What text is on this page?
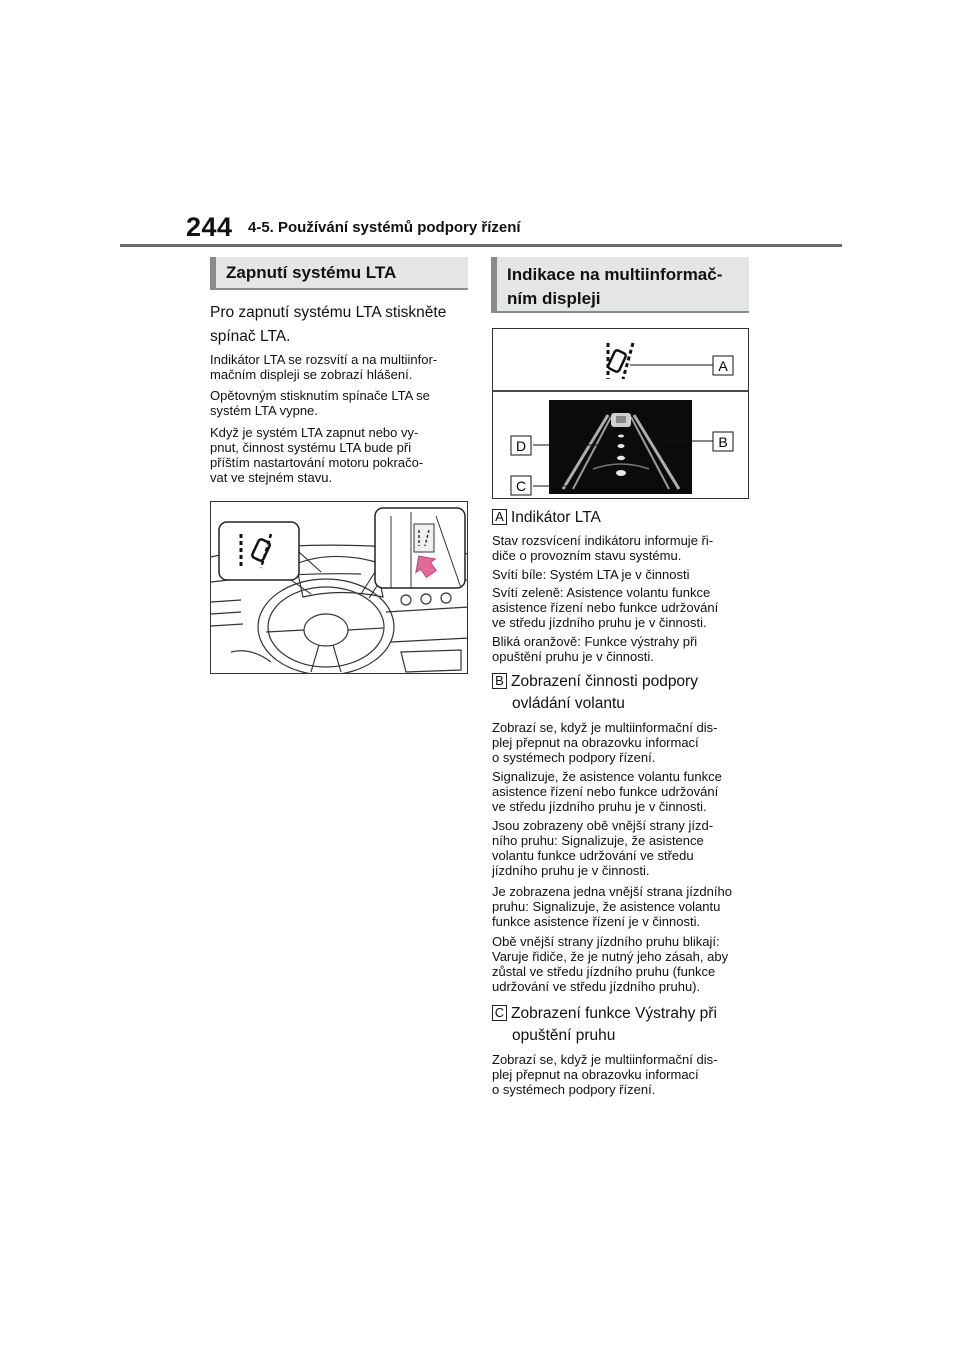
244 4-5. Používání systémů podpory řízení
Zapnutí systému LTA
Pro zapnutí systému LTA stiskněte
spínač LTA.
Indikátor LTA se rozsvítí a na multiinfor-
mačním displeji se zobrazí hlášení.
Opětovným stisknutím spínače LTA se
systém LTA vypne.
Když je systém LTA zapnut nebo vy-
pnut, činnost systému LTA bude při
příštím nastartování motoru pokračo-
vat ve stejném stavu.
Indikace na multiinformač-
ním displeji
A
B
D
C
A Indikátor LTA
Stav rozsvícení indikátoru informuje ři-
diče o provozním stavu systému.
Svítí bíle: Systém LTA je v činnosti
Svítí zeleně: Asistence volantu funkce
asistence řízení nebo funkce udržování
ve středu jízdního pruhu je v činnosti.
Bliká oranžově: Funkce výstrahy při
opuštění pruhu je v činnosti.
B Zobrazení činnosti podpory
ovládání volantu
Zobrazí se, když je multiinformační dis-
plej přepnut na obrazovku informací
o systémech podpory řízení.
Signalizuje, že asistence volantu funkce
asistence řízení nebo funkce udržování
ve středu jízdního pruhu je v činnosti.
Jsou zobrazeny obě vnější strany jízd-
ního pruhu: Signalizuje, že asistence
volantu funkce udržování ve středu
jízdního pruhu je v činnosti.
Je zobrazena jedna vnější strana jízdního
pruhu: Signalizuje, že asistence volantu
funkce asistence řízení je v činnosti.
Obě vnější strany jízdního pruhu blikají:
Varuje řidiče, že je nutný jeho zásah, aby
zůstal ve středu jízdního pruhu (funkce
udržování ve středu jízdního pruhu).
C Zobrazení funkce Výstrahy při
opuštění pruhu
Zobrazí se, když je multiinformační dis-
plej přepnut na obrazovku informací
o systémech podpory řízení.
